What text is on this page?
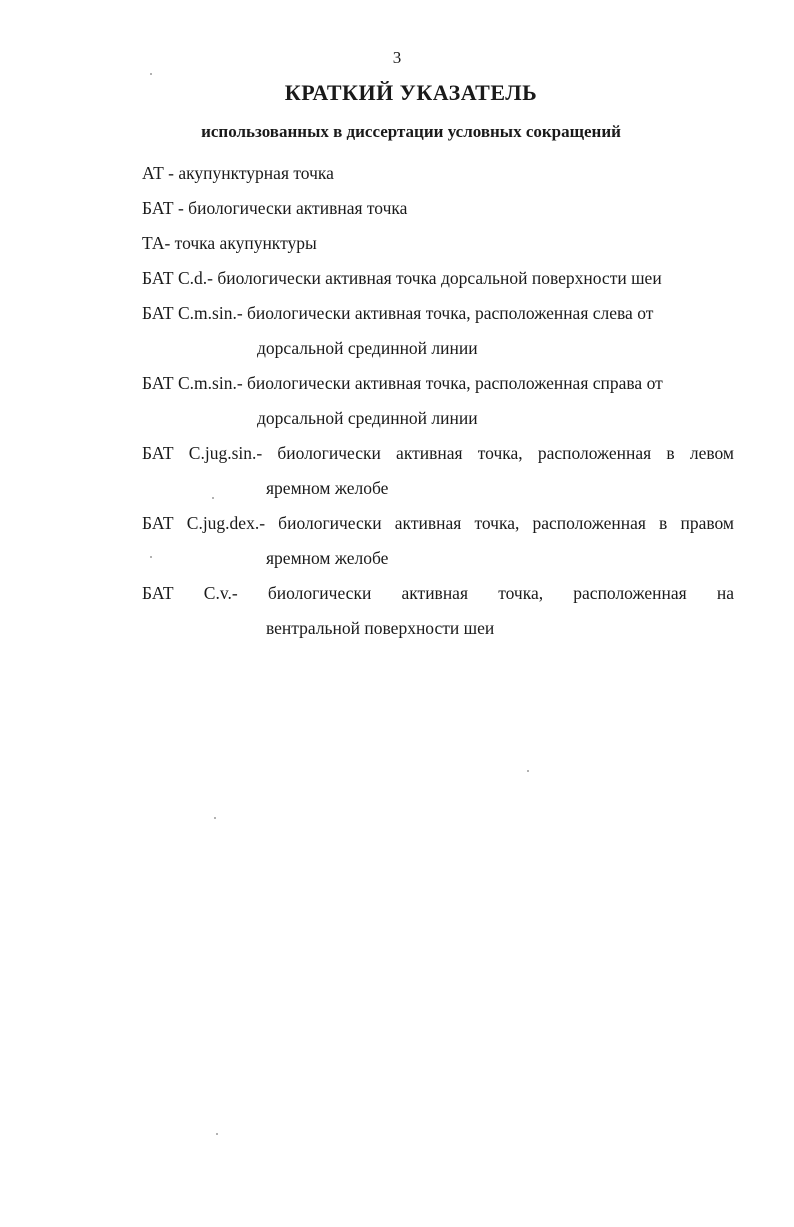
3
КРАТКИЙ УКАЗАТЕЛЬ
использованных в диссертации условных сокращений
АТ - акупунктурная точка
БАТ - биологически активная точка
ТА- точка акупунктуры
БАТ C.d.- биологически активная точка дорсальной поверхности шеи
БАТ C.m.sin.- биологически активная точка, расположенная слева от
дорсальной срединной линии
БАТ C.m.sin.- биологически активная точка, расположенная справа от
дорсальной срединной линии
БАТ C.jug.sin.- биологически активная точка, расположенная в левом
яремном желобе
БАТ C.jug.dex.- биологически активная точка, расположенная в правом
яремном желобе
БАТ C.v.- биологически активная точка, расположенная на
вентральной поверхности шеи
